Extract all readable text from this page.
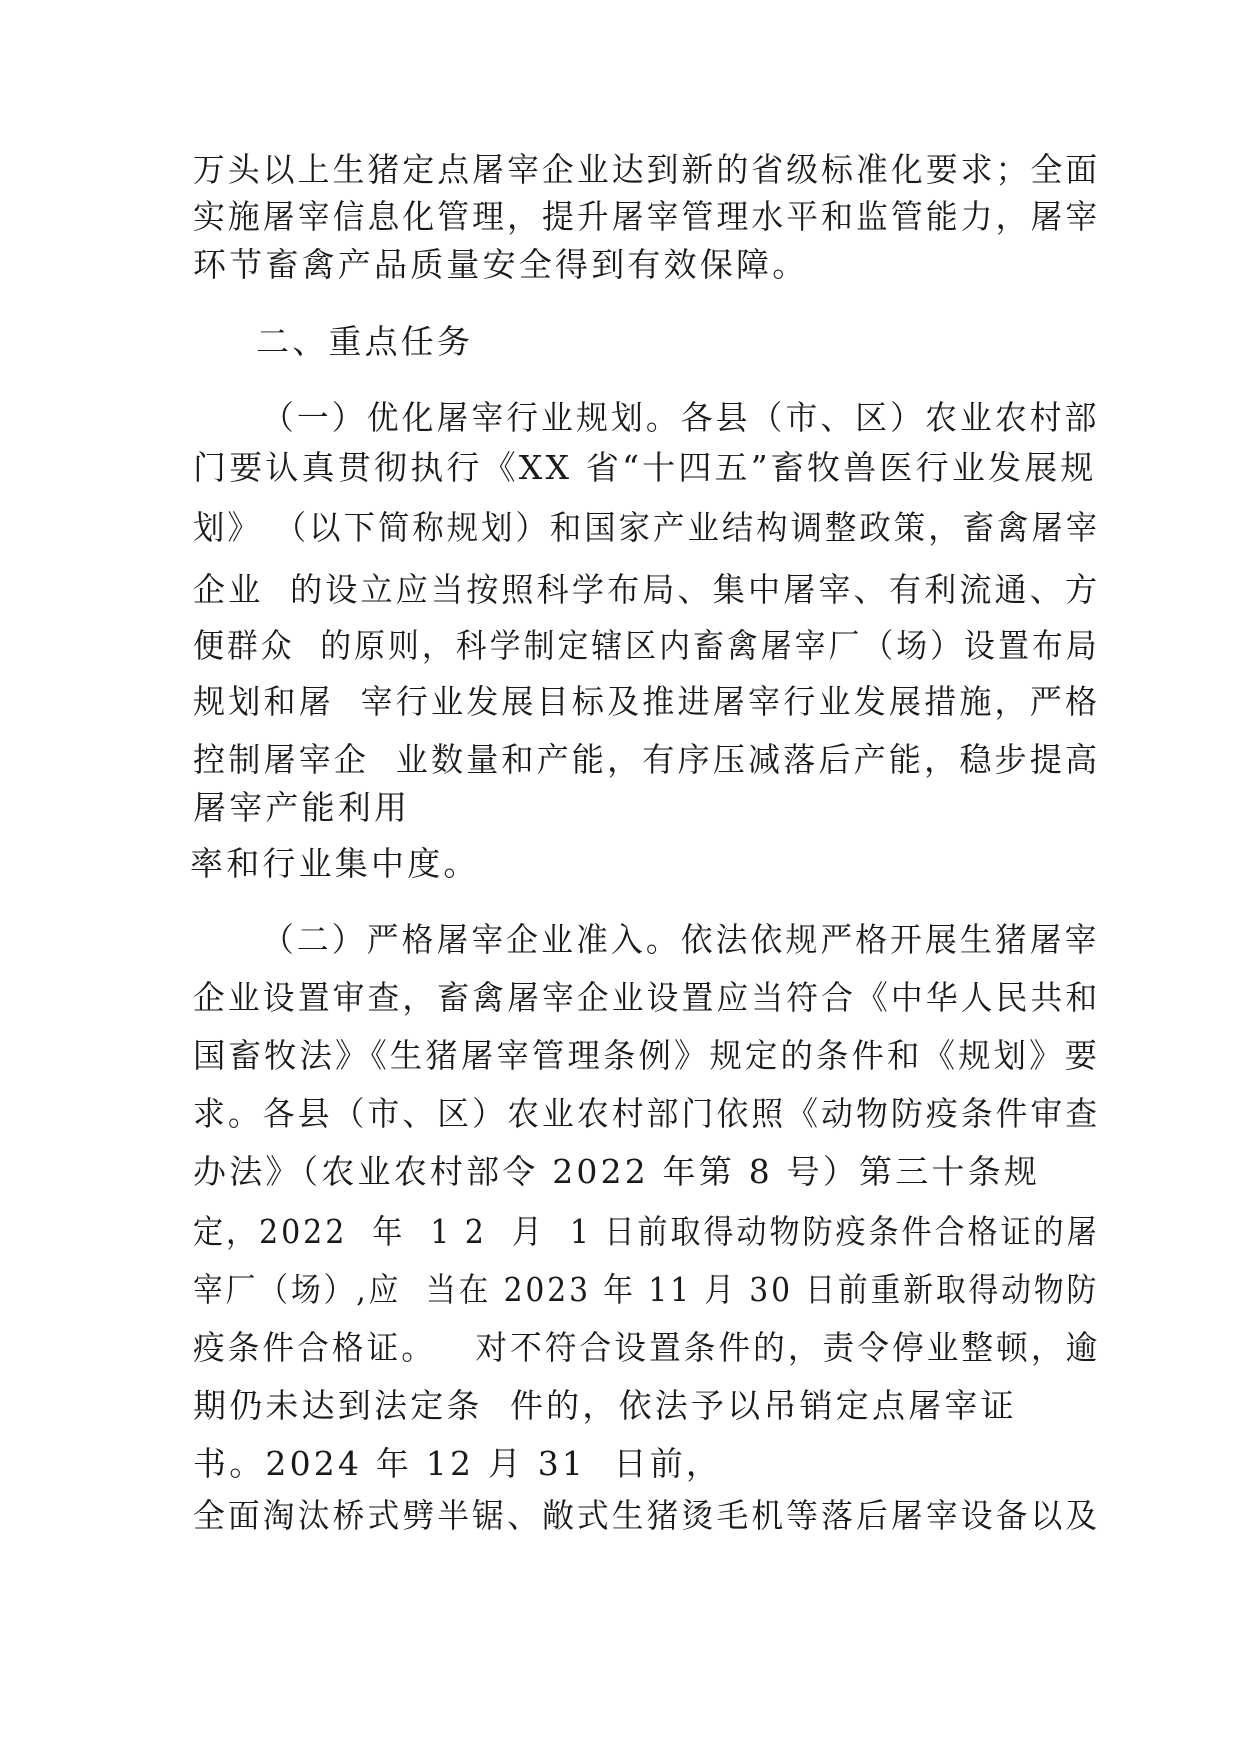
万头以上生猪定点屠宰企业达到新的省级标准化要求；全面
实施屠宰信息化管理，提升屠宰管理水平和监管能力，屠宰
环节畜禽产品质量安全得到有效保障。
二、重点任务
（一）优化屠宰行业规划。各县（市、区）农业农村部
门要认真贯彻执行《XX 省“十四五”畜牧兽医行业发展规
划》 （以下简称规划）和国家产业结构调整政策，畜禽屠宰
企业  的设立应当按照科学布局、集中屠宰、有利流通、方
便群众  的原则，科学制定辖区内畜禽屠宰厂（场）设置布局
规划和屠  宰行业发展目标及推进屠宰行业发展措施，严格
控制屠宰企  业数量和产能，有序压减落后产能，稳步提高
屠宰产能利用
率和行业集中度。
（二）严格屠宰企业准入。依法依规严格开展生猪屠宰
企业设置审查，畜禽屠宰企业设置应当符合《中华人民共和
国畜牧法》《生猪屠宰管理条例》规定的条件和《规划》要
求。各县（市、区）农业农村部门依照《动物防疫条件审查
办法》（农业农村部令 2022 年第 8 号）第三十条规
定，2022  年  1 2  月  1 日前取得动物防疫条件合格证的屠
宰厂（场）,应  当在 2023 年 11 月 30 日前重新取得动物防
疫条件合格证。   对不符合设置条件的，责令停业整顿，逾
期仍未达到法定条  件的，依法予以吊销定点屠宰证
书。2024 年 12 月 31  日前，
全面淘汰桥式劈半锯、敞式生猪烫毛机等落后屠宰设备以及
